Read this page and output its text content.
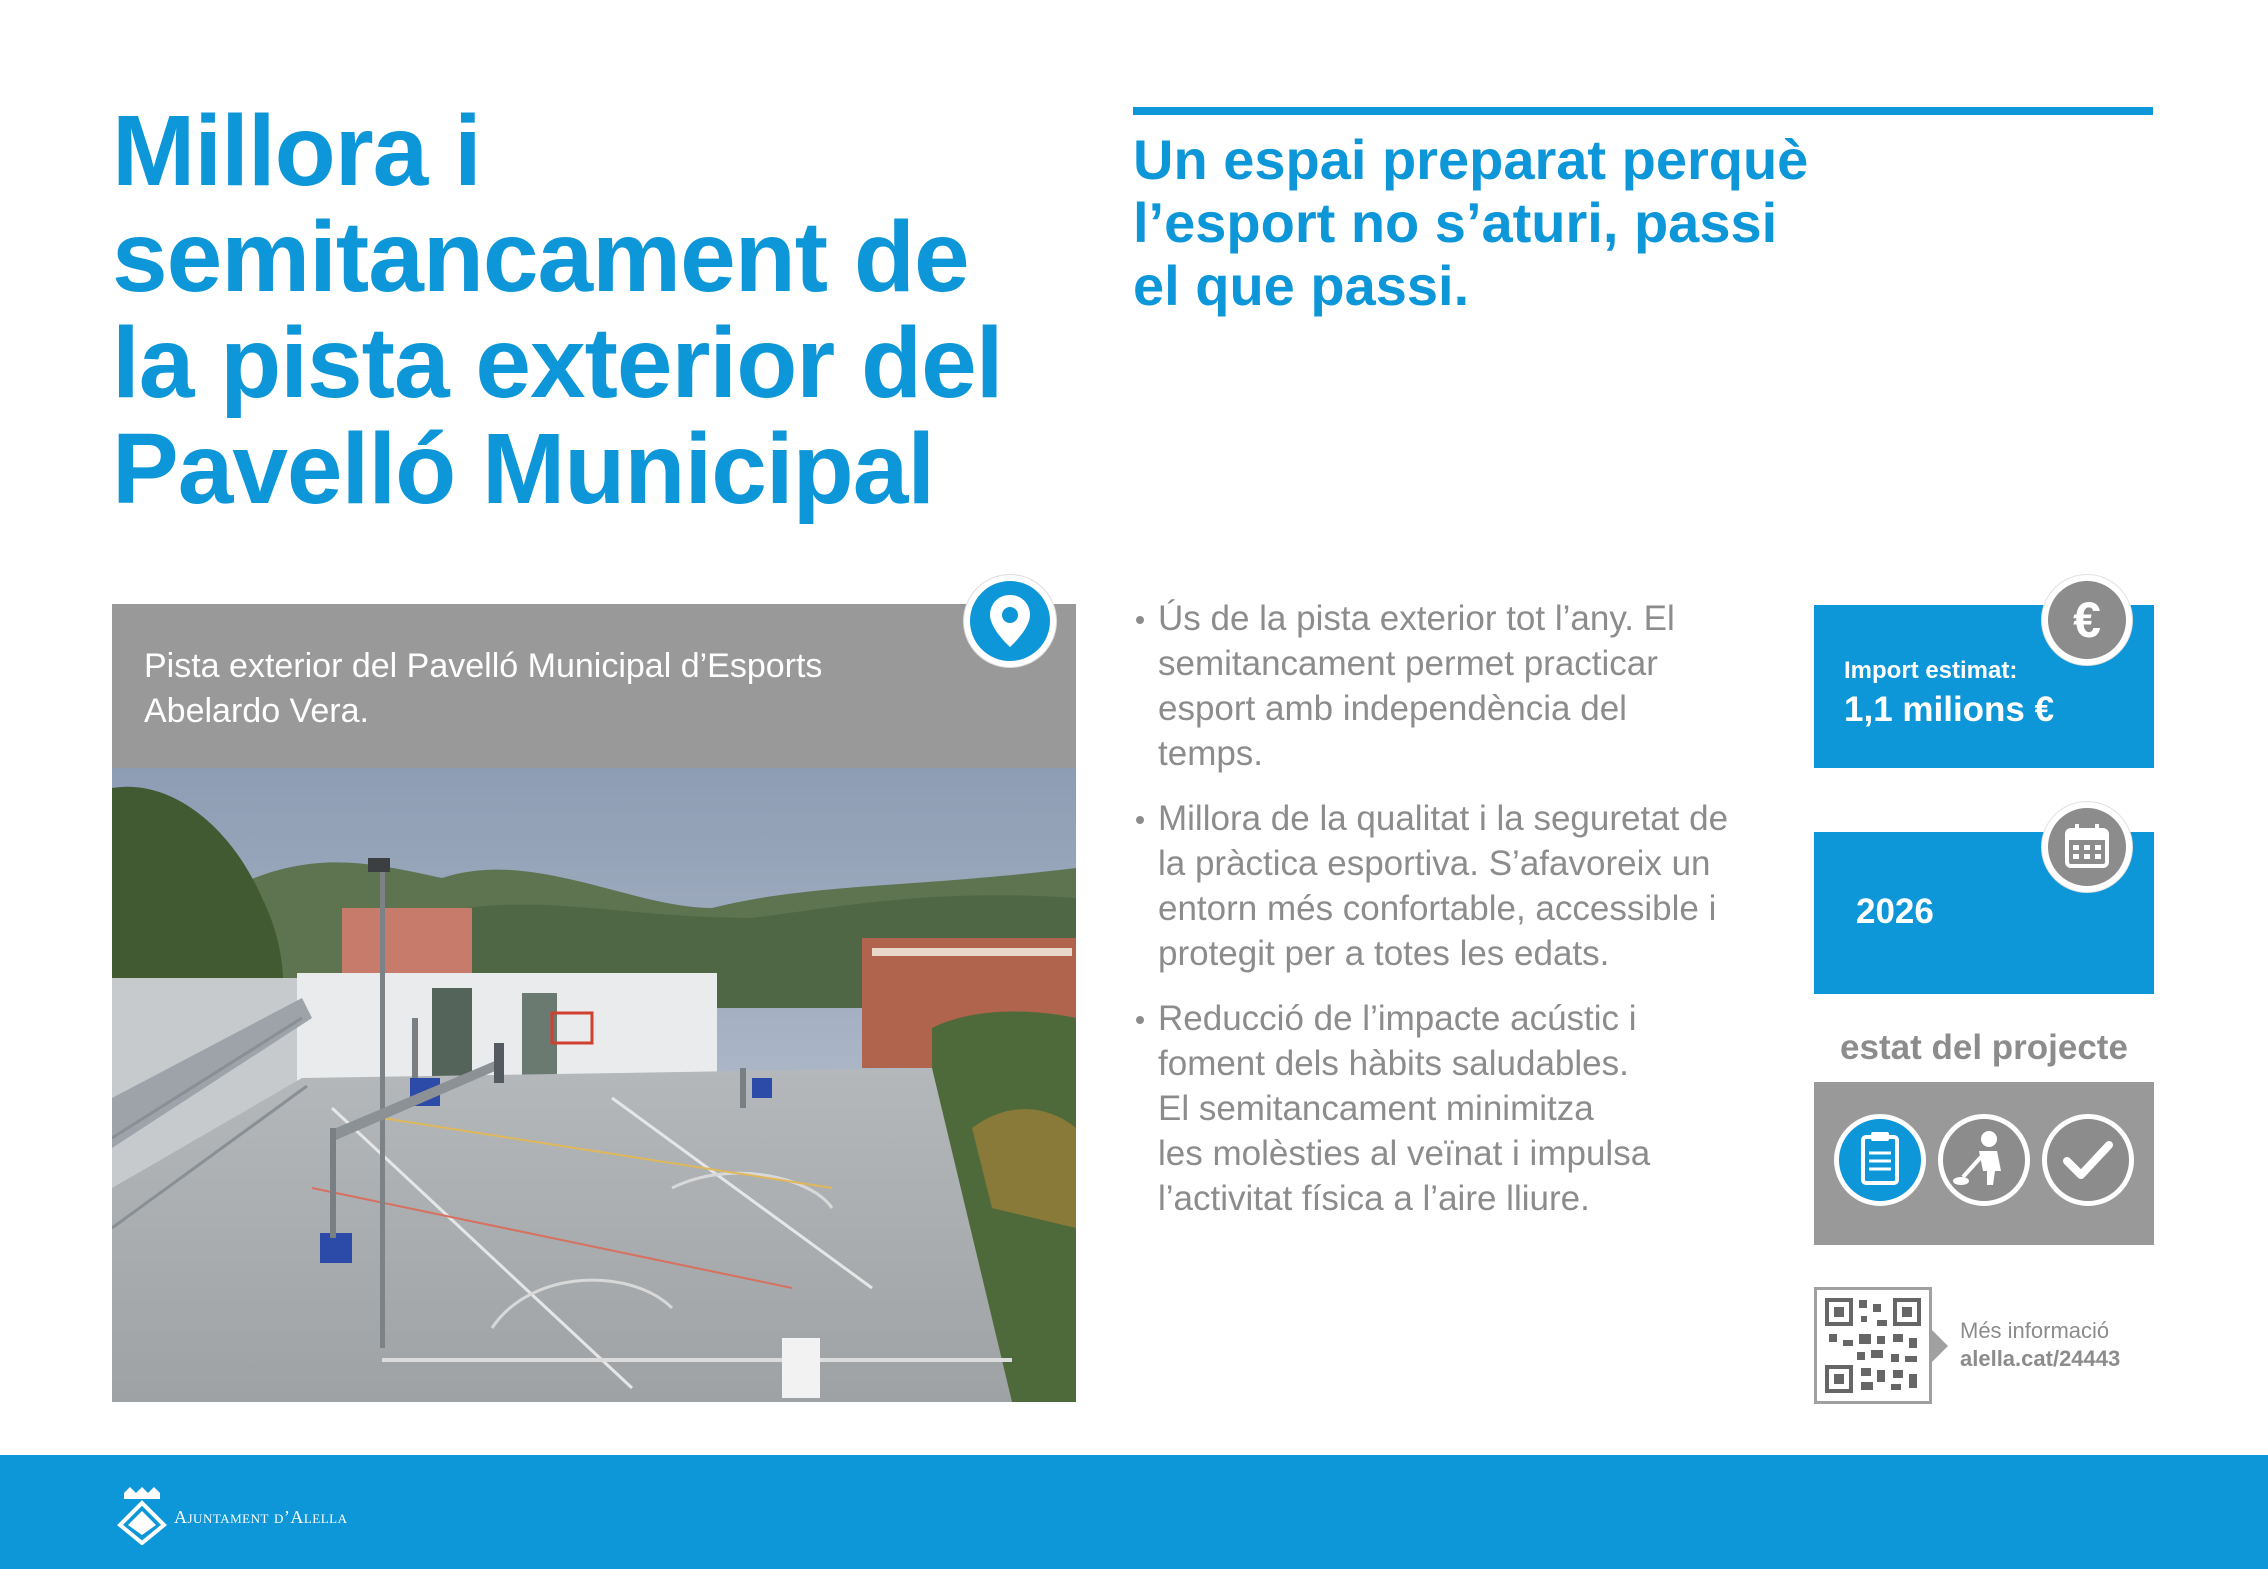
Millora i
semitancament de
la pista exterior del
Pavelló Municipal
Un espai preparat perquè
l’esport no s’aturi, passi
el que passi.
Pista exterior del Pavelló Municipal d’Esports
Abelardo Vera.
Ús de la pista exterior tot l’any. El
semitancament permet practicar
esport amb independència del
temps.
Millora de la qualitat i la seguretat de
la pràctica esportiva. S’afavoreix un
entorn més confortable, accessible i
protegit per a totes les edats.
Reducció de l’impacte acústic i
foment dels hàbits saludables.
El semitancament minimitza
les molèsties al veïnat i impulsa
l’activitat física a l’aire lliure.
Import estimat:
1,1 milions €
€
2026
estat del projecte
Més informació
alella.cat/24443
Ajuntament d’Alella
